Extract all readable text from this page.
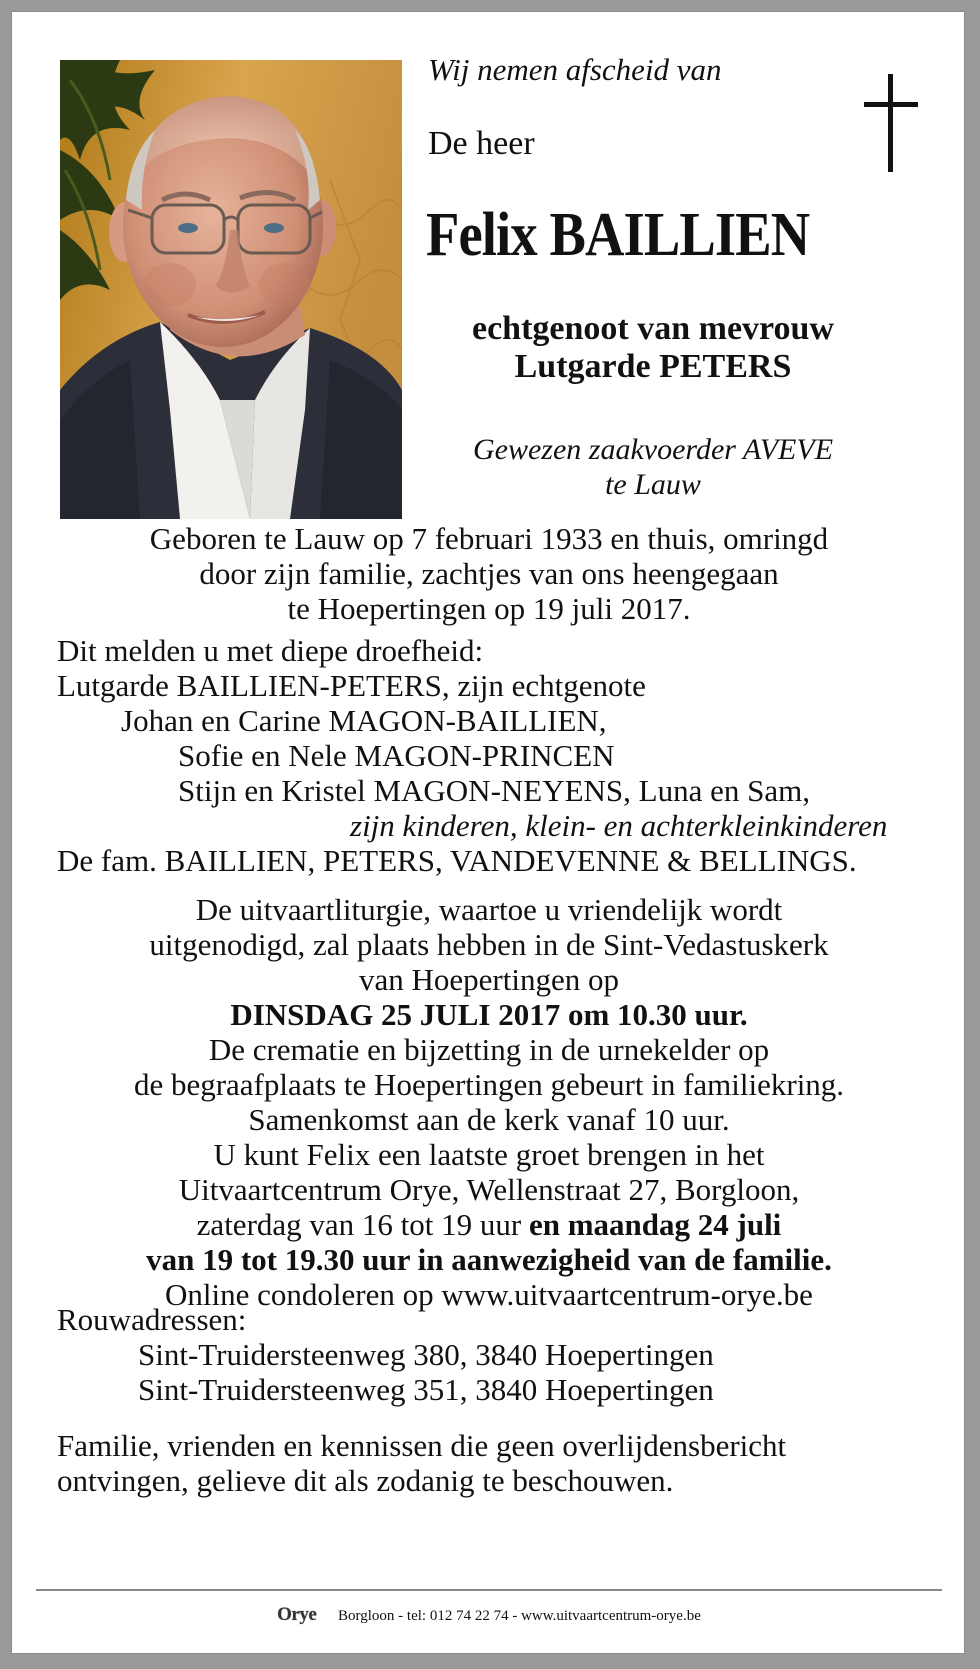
Wij nemen afscheid van
De heer
Felix BAILLIEN
echtgenoot van mevrouw
Lutgarde PETERS
Gewezen zaakvoerder AVEVE
te Lauw
Geboren te Lauw op 7 februari 1933 en thuis, omringd
door zijn familie, zachtjes van ons heengegaan
te Hoepertingen op 19 juli 2017.
Dit melden u met diepe droefheid:
Lutgarde BAILLIEN-PETERS, zijn echtgenote
Johan en Carine MAGON-BAILLIEN,
Sofie en Nele MAGON-PRINCEN
Stijn en Kristel MAGON-NEYENS, Luna en Sam,
zijn kinderen, klein- en achterkleinkinderen
De fam. BAILLIEN, PETERS, VANDEVENNE & BELLINGS.
De uitvaartliturgie, waartoe u vriendelijk wordt
uitgenodigd, zal plaats hebben in de Sint-Vedastuskerk
van Hoepertingen op
DINSDAG 25 JULI 2017 om 10.30 uur.
De crematie en bijzetting in de urnekelder op
de begraafplaats te Hoepertingen gebeurt in familiekring.
Samenkomst aan de kerk vanaf 10 uur.
U kunt Felix een laatste groet brengen in het
Uitvaartcentrum Orye, Wellenstraat 27, Borgloon,
zaterdag van 16 tot 19 uur en maandag 24 juli
van 19 tot 19.30 uur in aanwezigheid van de familie.
Online condoleren op www.uitvaartcentrum-orye.be
Rouwadressen:
Sint-Truidersteenweg 380, 3840 Hoepertingen
Sint-Truidersteenweg 351, 3840 Hoepertingen
Familie, vrienden en kennissen die geen overlijdensbericht
ontvingen, gelieve dit als zodanig te beschouwen.
Orye Borgloon - tel: 012 74 22 74 - www.uitvaartcentrum-orye.be
